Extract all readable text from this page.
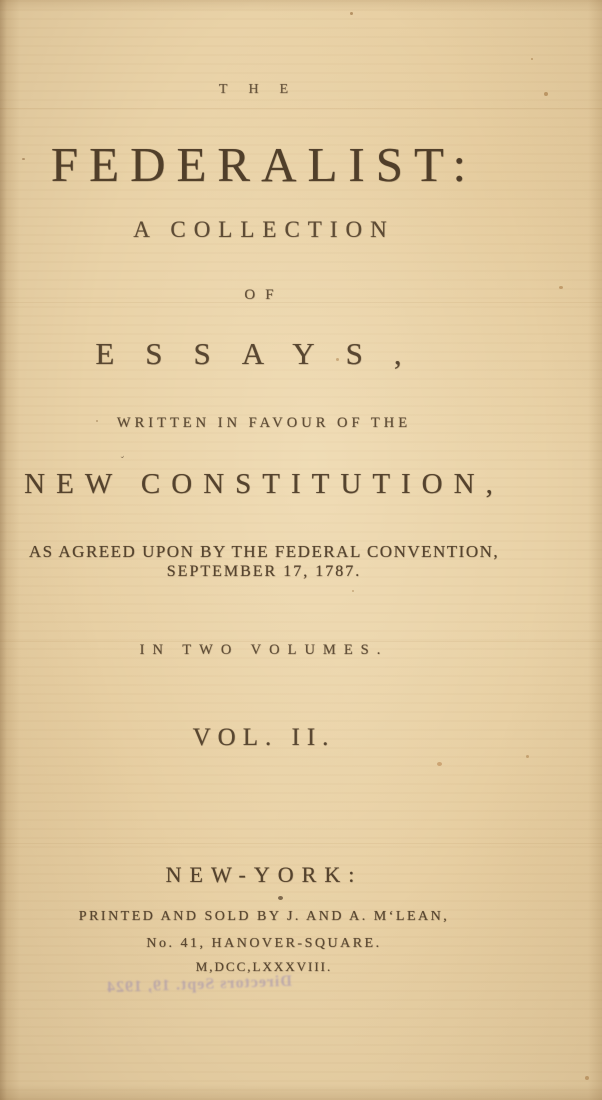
THE
FEDERALIST:
A COLLECTION
OF
ESSAYS,
WRITTEN IN FAVOUR OF THE
NEW CONSTITUTION,
AS AGREED UPON BY THE FEDERAL CONVENTION,
SEPTEMBER 17, 1787.
IN TWO VOLUMES.
VOL. II.
NEW-YORK:
PRINTED AND SOLD BY J. AND A. M‘LEAN,
No. 41, HANOVER-SQUARE.
M,DCC,LXXXVIII.
Directors Sept. 19, 1924
ˇ
